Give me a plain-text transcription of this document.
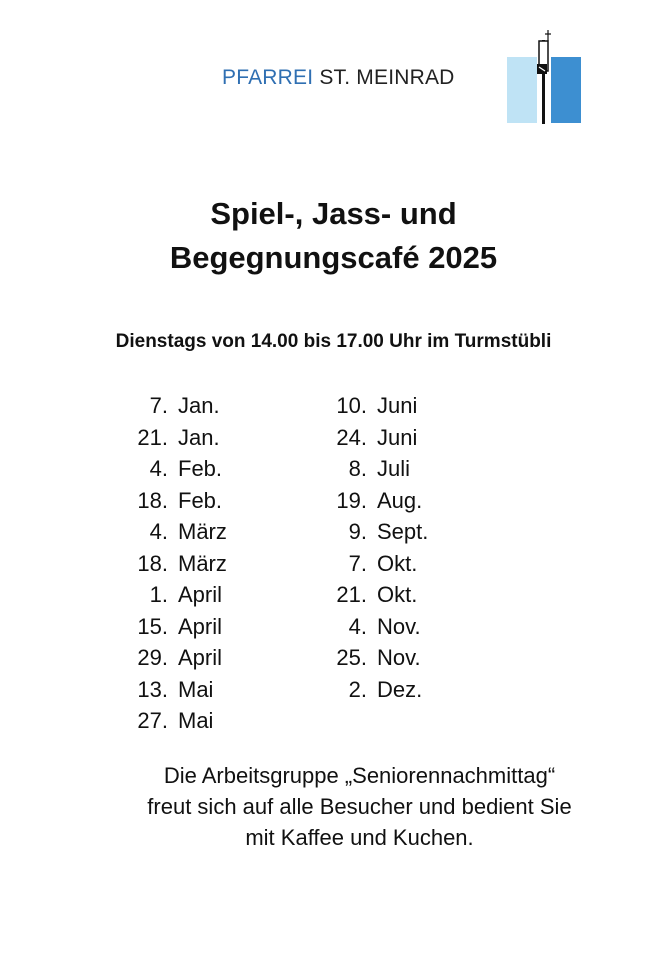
PFARREI ST. MEINRAD
Spiel-, Jass- und
Begegnungscafé 2025
Dienstags von 14.00 bis 17.00 Uhr im Turmstübli
7. Jan.
21. Jan.
4. Feb.
18. Feb.
4. März
18. März
1. April
15. April
29. April
13. Mai
27. Mai
10. Juni
24. Juni
8. Juli
19. Aug.
9. Sept.
7. Okt.
21. Okt.
4. Nov.
25. Nov.
2. Dez.
Die Arbeitsgruppe „Seniorennachmittag“
freut sich auf alle Besucher und bedient Sie
mit Kaffee und Kuchen.
